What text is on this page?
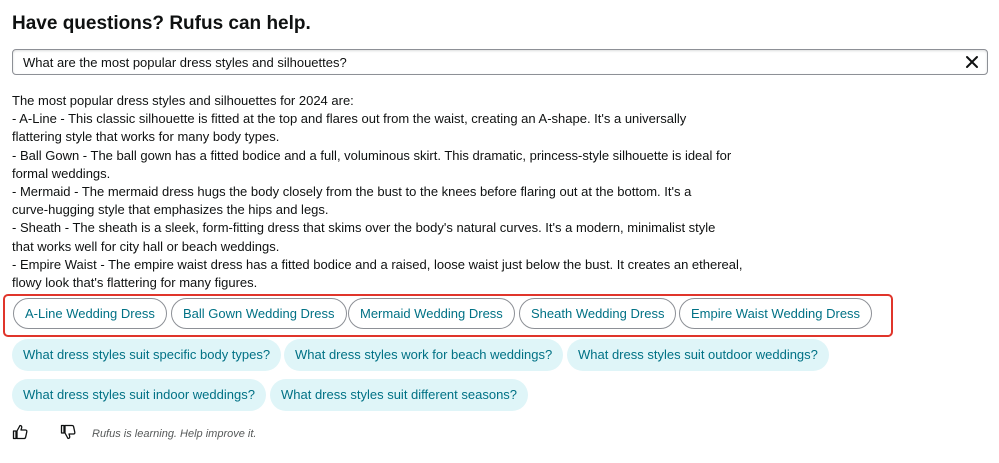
Have questions? Rufus can help.
What are the most popular dress styles and silhouettes?
The most popular dress styles and silhouettes for 2024 are:
- A-Line - This classic silhouette is fitted at the top and flares out from the waist, creating an A-shape. It's a universally
flattering style that works for many body types.
- Ball Gown - The ball gown has a fitted bodice and a full, voluminous skirt. This dramatic, princess-style silhouette is ideal for
formal weddings.
- Mermaid - The mermaid dress hugs the body closely from the bust to the knees before flaring out at the bottom. It's a
curve-hugging style that emphasizes the hips and legs.
- Sheath - The sheath is a sleek, form-fitting dress that skims over the body's natural curves. It's a modern, minimalist style
that works well for city hall or beach weddings.
- Empire Waist - The empire waist dress has a fitted bodice and a raised, loose waist just below the bust. It creates an ethereal,
flowy look that's flattering for many figures.
A-Line Wedding Dress	Ball Gown Wedding Dress	Mermaid Wedding Dress	Sheath Wedding Dress	Empire Waist Wedding Dress
What dress styles suit specific body types?	What dress styles work for beach weddings?	What dress styles suit outdoor weddings?
What dress styles suit indoor weddings?	What dress styles suit different seasons?
Rufus is learning. Help improve it.
